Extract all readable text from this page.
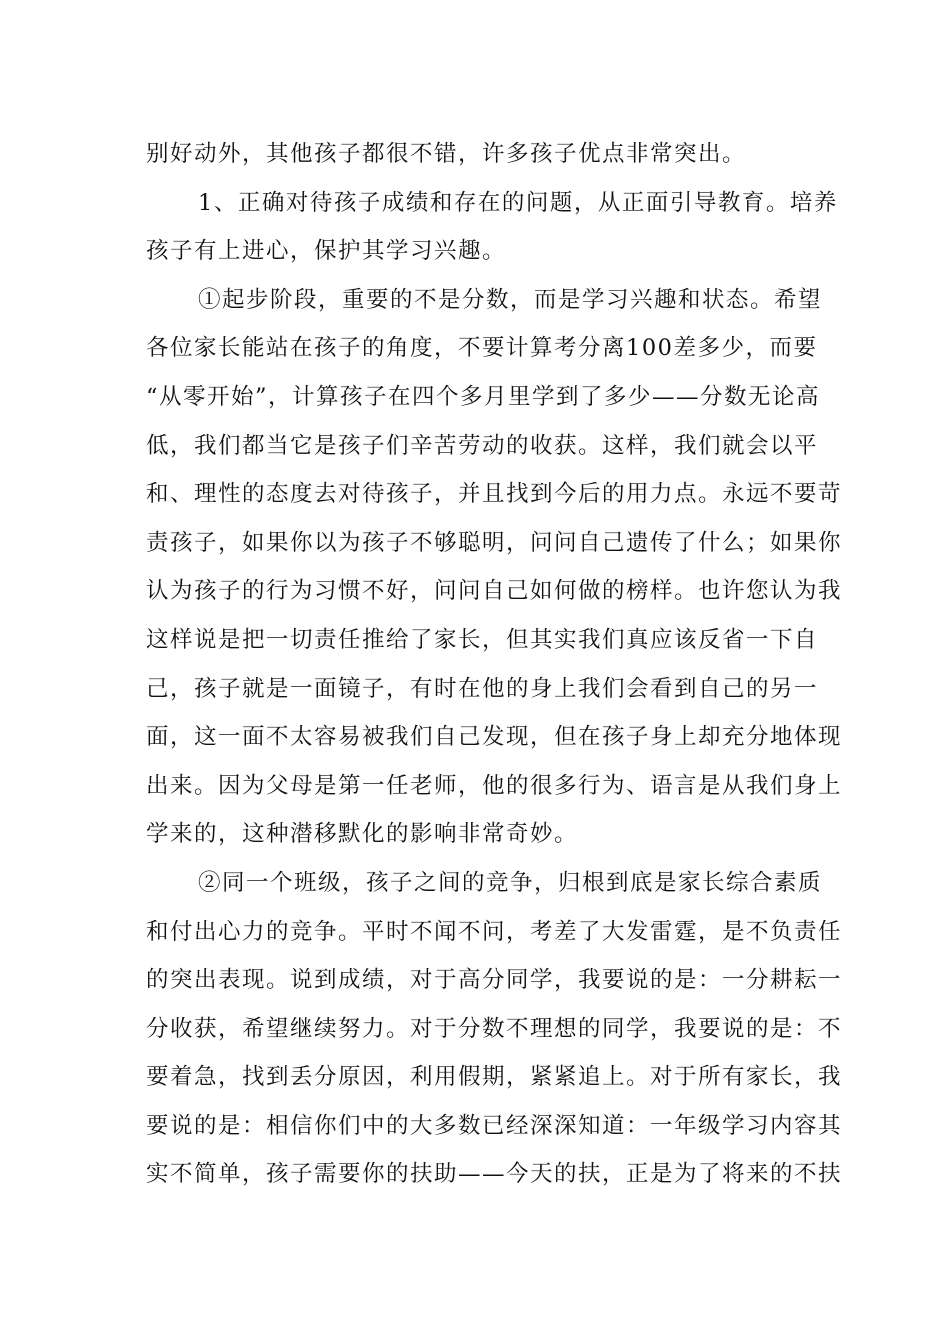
别好动外，其他孩子都很不错，许多孩子优点非常突出。
1、正确对待孩子成绩和存在的问题，从正面引导教育。培养
孩子有上进心，保护其学习兴趣。
①起步阶段，重要的不是分数，而是学习兴趣和状态。希望
各位家长能站在孩子的角度，不要计算考分离100差多少，而要
“从零开始”，计算孩子在四个多月里学到了多少——分数无论高
低，我们都当它是孩子们辛苦劳动的收获。这样，我们就会以平
和、理性的态度去对待孩子，并且找到今后的用力点。永远不要苛
责孩子，如果你以为孩子不够聪明，问问自己遗传了什么；如果你
认为孩子的行为习惯不好，问问自己如何做的榜样。也许您认为我
这样说是把一切责任推给了家长，但其实我们真应该反省一下自
己，孩子就是一面镜子，有时在他的身上我们会看到自己的另一
面，这一面不太容易被我们自己发现，但在孩子身上却充分地体现
出来。因为父母是第一任老师，他的很多行为、语言是从我们身上
学来的，这种潜移默化的影响非常奇妙。
②同一个班级，孩子之间的竞争，归根到底是家长综合素质
和付出心力的竞争。平时不闻不问，考差了大发雷霆，是不负责任
的突出表现。说到成绩，对于高分同学，我要说的是：一分耕耘一
分收获，希望继续努力。对于分数不理想的同学，我要说的是：不
要着急，找到丢分原因，利用假期，紧紧追上。对于所有家长，我
要说的是：相信你们中的大多数已经深深知道：一年级学习内容其
实不简单，孩子需要你的扶助——今天的扶，正是为了将来的不扶
